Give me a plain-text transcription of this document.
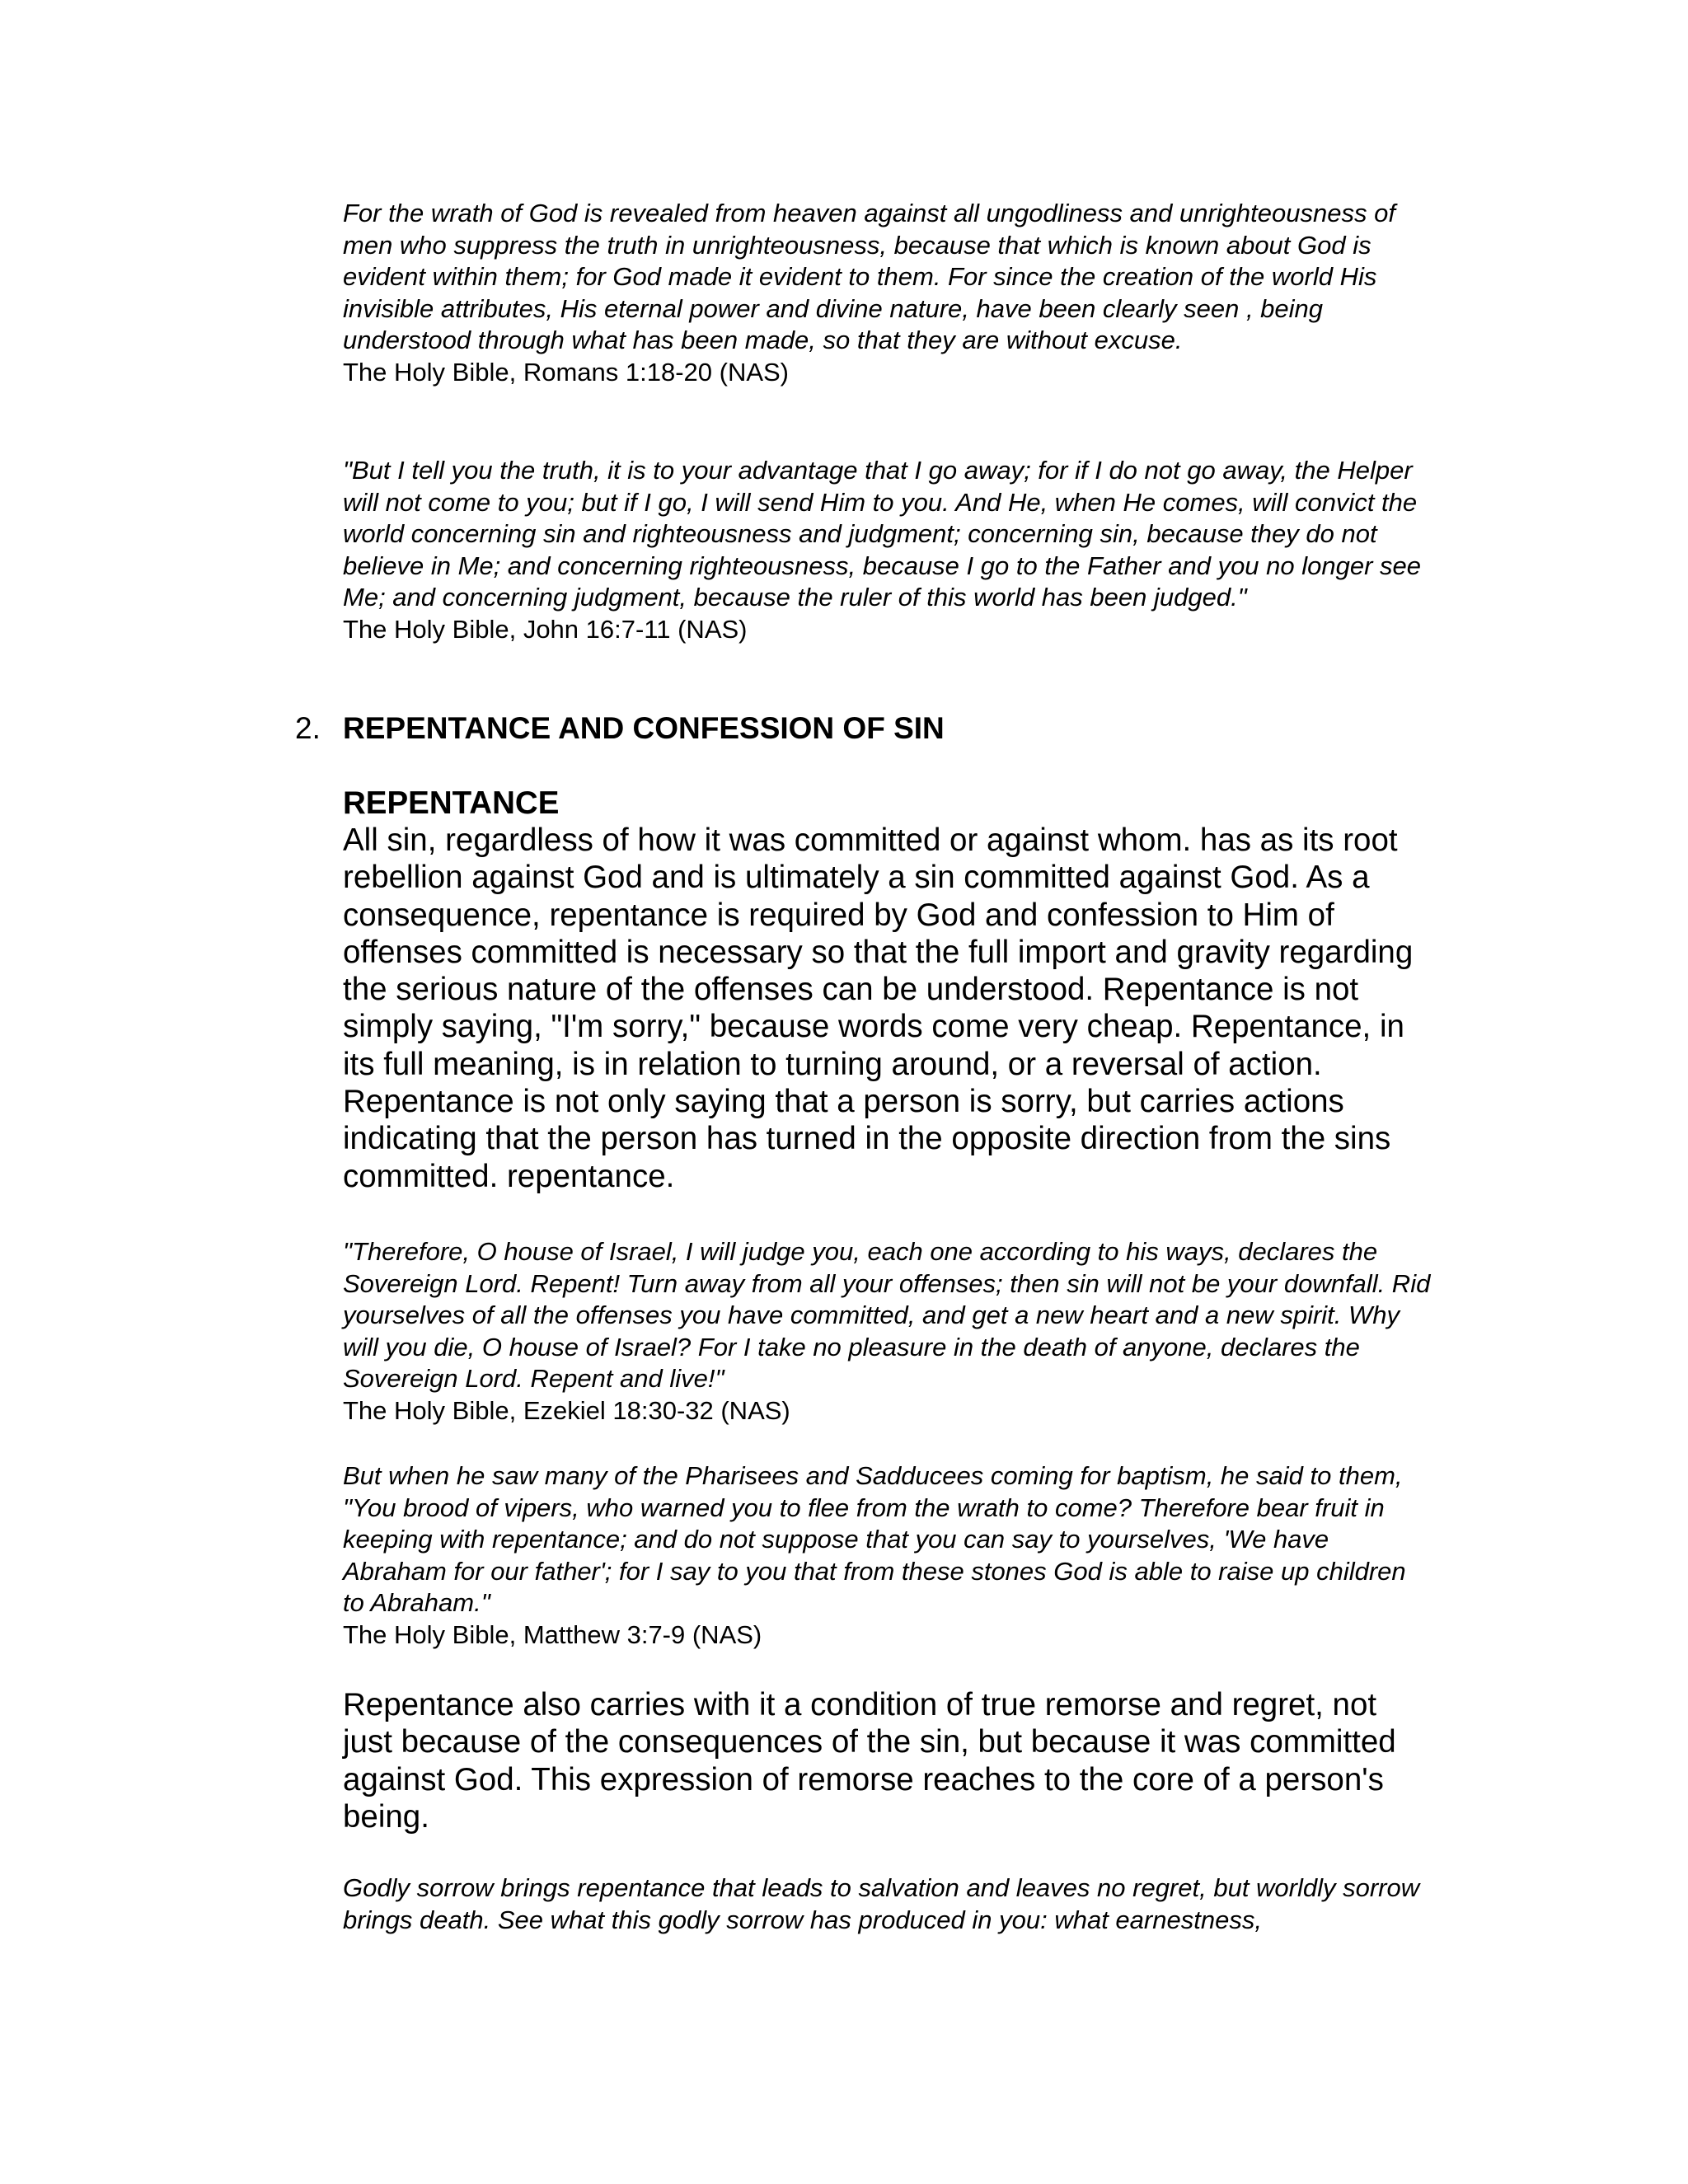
For the wrath of God is revealed from heaven against all ungodliness and unrighteousness of men who suppress the truth in unrighteousness, because that which is known about God is evident within them; for God made it evident to them. For since the creation of the world His invisible attributes, His eternal power and divine nature, have been clearly seen , being understood through what has been made, so that they are without excuse.

The Holy Bible, Romans 1:18-20 (NAS)

"But I tell you the truth, it is to your advantage that I go away; for if I do not go away, the Helper will not come to you; but if I go, I will send Him to you. And He, when He comes, will convict the world concerning sin and righteousness and judgment; concerning sin, because they do not believe in Me; and concerning righteousness, because I go to the Father and you no longer see Me; and concerning judgment, because the ruler of this world has been judged."

The Holy Bible, John 16:7-11 (NAS)

2. REPENTANCE AND CONFESSION OF SIN

REPENTANCE

All sin, regardless of how it was committed or against whom. has as its root rebellion against God and is ultimately a sin committed against God. As a consequence, repentance is required by God and confession to Him of offenses committed is necessary so that the full import and gravity regarding the serious nature of the offenses can be understood. Repentance is not simply saying, "I'm sorry," because words come very cheap. Repentance, in its full meaning, is in relation to turning around, or a reversal of action. Repentance is not only saying that a person is sorry, but carries actions indicating that the person has turned in the opposite direction from the sins committed. repentance.

"Therefore, O house of Israel, I will judge you, each one according to his ways, declares the Sovereign Lord. Repent! Turn away from all your offenses; then sin will not be your downfall. Rid yourselves of all the offenses you have committed, and get a new heart and a new spirit. Why will you die, O house of Israel? For I take no pleasure in the death of anyone, declares the Sovereign Lord. Repent and live!"

The Holy Bible, Ezekiel 18:30-32 (NAS)

But when he saw many of the Pharisees and Sadducees coming for baptism, he said to them, "You brood of vipers, who warned you to flee from the wrath to come? Therefore bear fruit in keeping with repentance; and do not suppose that you can say to yourselves, 'We have Abraham for our father'; for I say to you that from these stones God is able to raise up children to Abraham."

The Holy Bible, Matthew 3:7-9 (NAS)

Repentance also carries with it a condition of true remorse and regret, not just because of the consequences of the sin, but because it was committed against God. This expression of remorse reaches to the core of a person's being.

Godly sorrow brings repentance that leads to salvation and leaves no regret, but worldly sorrow brings death. See what this godly sorrow has produced in you: what earnestness,
